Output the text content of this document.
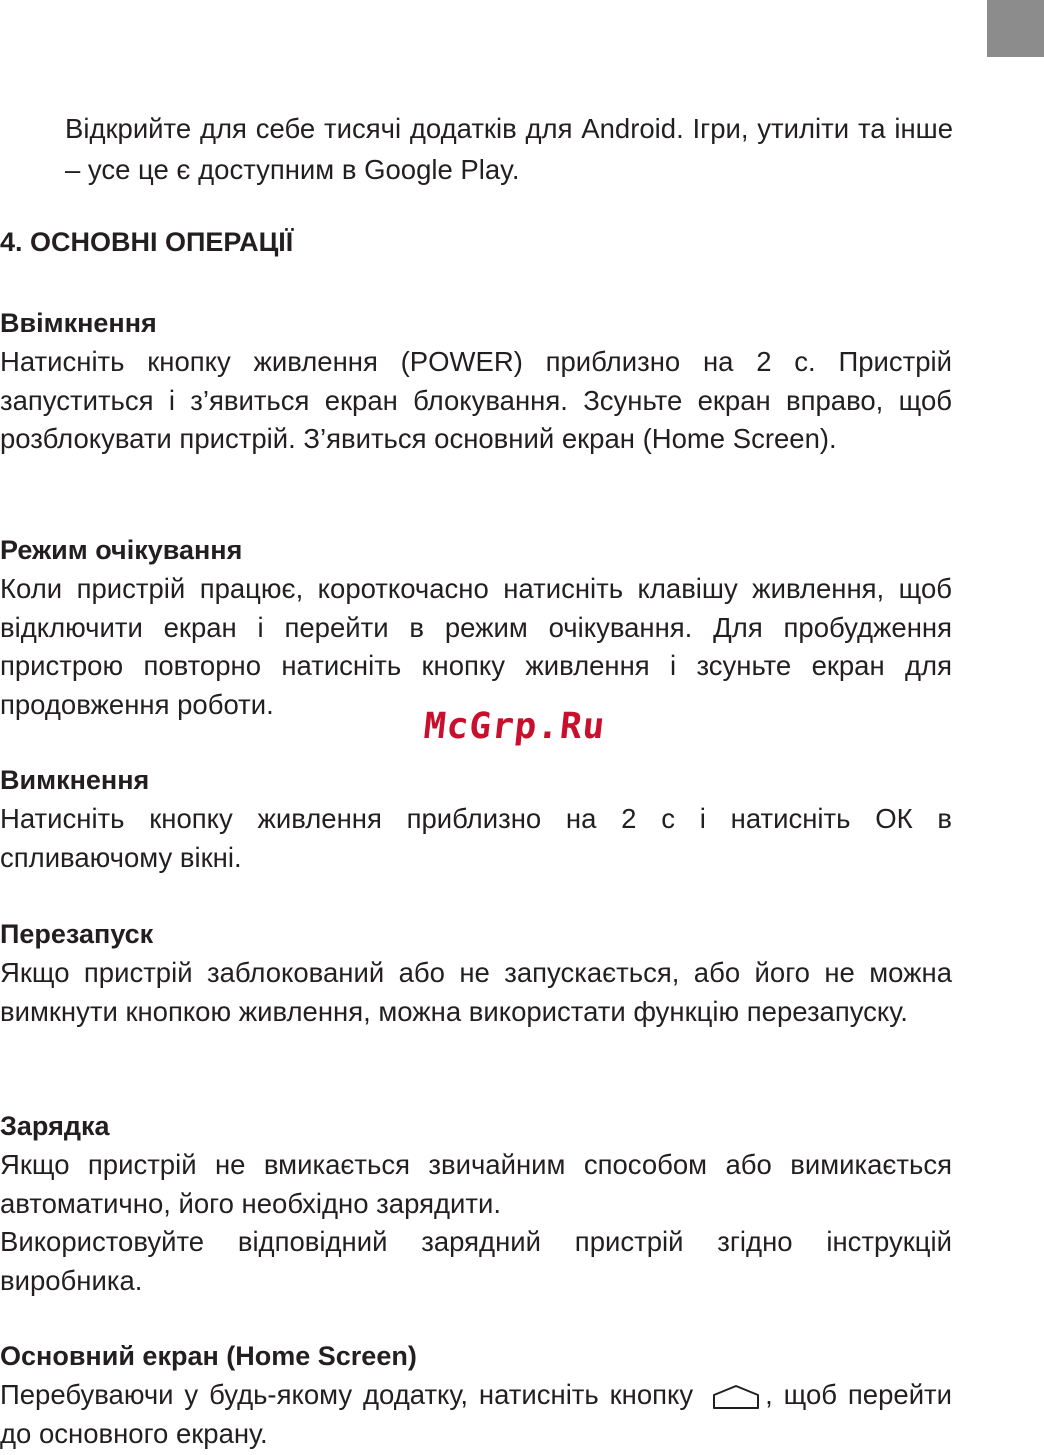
Відкрийте для себе тисячі додатків для Android. Ігри, утиліти та інше – усе це є доступним в Google Play.

4. ОСНОВНІ ОПЕРАЦІЇ
Ввімкнення

Натисніть кнопку живлення (POWER) приблизно на 2 с. Пристрій запуститься і з’явиться екран блокування. Зсуньте екран вправо, щоб розблокувати пристрій. З’явиться основний екран (Home Screen).

Режим очікування

Коли пристрій працює, короткочасно натисніть клавішу живлення, щоб відключити екран і перейти в режим очікування. Для пробудження пристрою повторно натисніть кнопку живлення і зсуньте екран для продовження роботи.

McGrp.Ru
Вимкнення

Натисніть кнопку живлення приблизно на 2 с і натисніть ОК в спливаючому вікні.

Перезапуск

Якщо пристрій заблокований або не запускається, або його не можна вимкнути кнопкою живлення, можна використати функцію перезапуску.

Зарядка

Якщо пристрій не вмикається звичайним способом або вимикається автоматично, його необхідно зарядити.

Використовуйте відповідний зарядний пристрій згідно інструкцій виробника.

Основний екран (Home Screen)

Перебуваючи у будь-якому додатку, натисніть кнопку	, щоб перейти до основного екрану.
